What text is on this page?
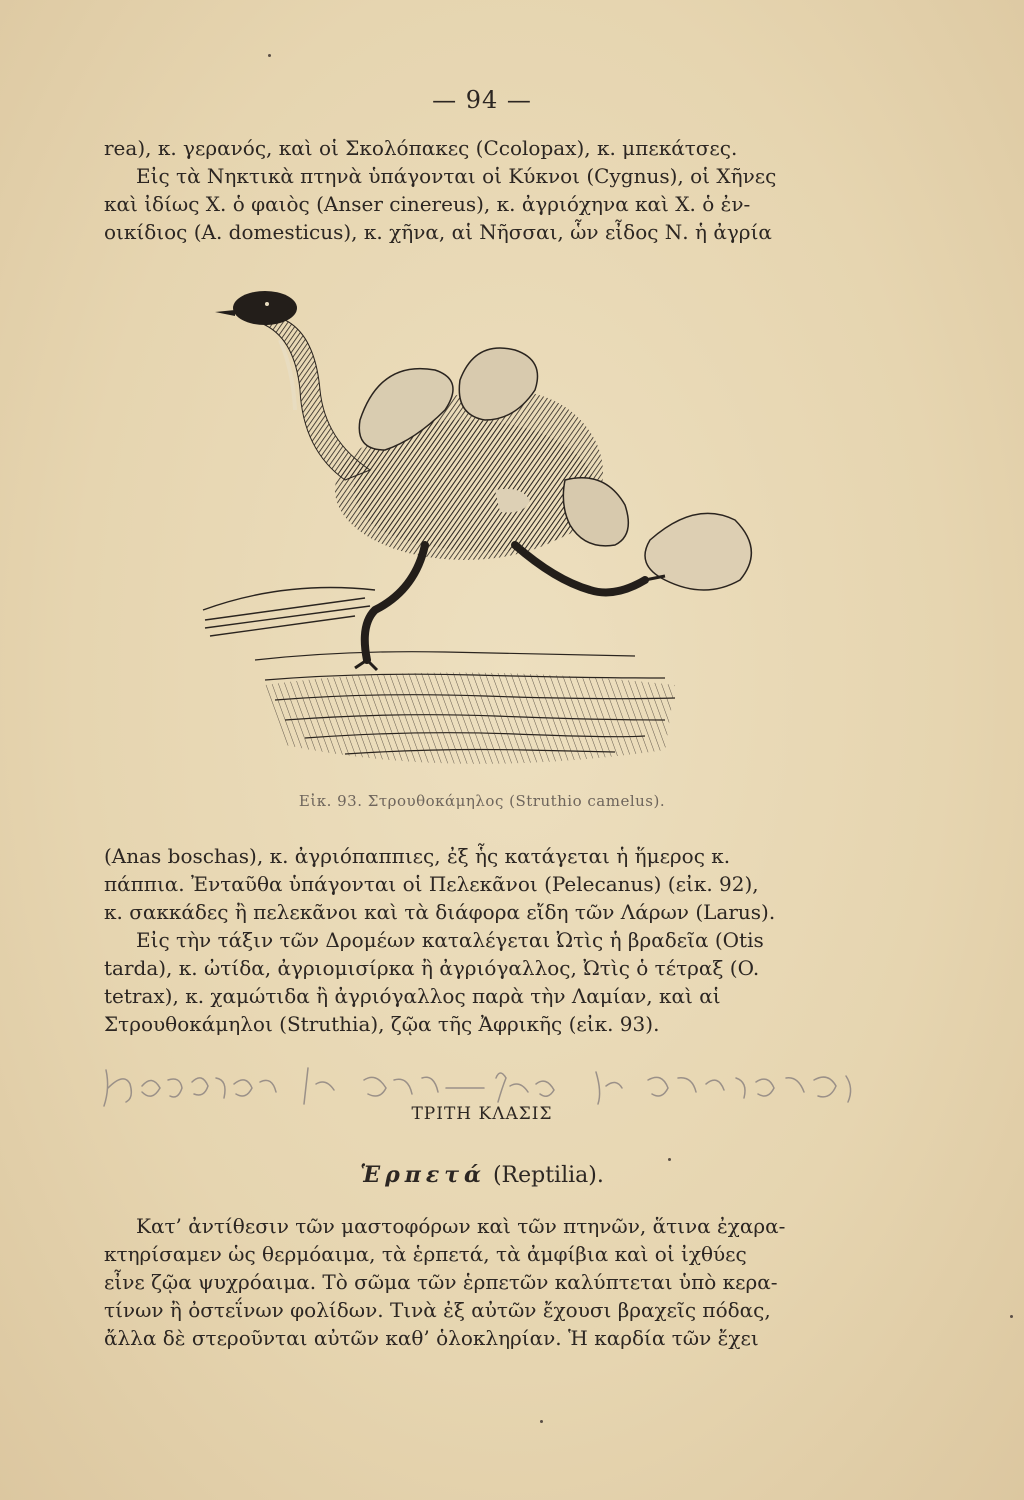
— 94 —

rea), κ. γερανός, καὶ οἱ Σκολόπακες (Ccolopax), κ. μπεκάτσες.

Εἰς τὰ Νηκτικὰ πτηνὰ ὑπάγονται οἱ Κύκνοι (Cygnus), οἱ Χῆνες

καὶ ἰδίως Χ. ὁ φαιὸς (Anser cinereus), κ. ἀγριόχηνα καὶ Χ. ὁ ἐν-

οικίδιος (A. domesticus), κ. χῆνα, αἱ Νῆσσαι, ὧν εἶδος Ν. ἡ ἀγρία

Εἰκ. 93. Στρουθοκάμηλος (Struthio camelus).

(Anas boschas), κ. ἀγριόπαππιες, ἐξ ἧς κατάγεται ἡ ἥμερος κ.

πάππια. Ἐνταῦθα ὑπάγονται οἱ Πελεκᾶνοι (Pelecanus) (εἰκ. 92),

κ. σακκάδες ἢ πελεκᾶνοι καὶ τὰ διάφορα εἴδη τῶν Λάρων (Larus).

Εἰς τὴν τάξιν τῶν Δρομέων καταλέγεται Ὠτὶς ἡ βραδεῖα (Otis

tarda), κ. ὠτίδα, ἀγριομισίρκα ἢ ἀγριόγαλλος, Ὠτὶς ὁ τέτραξ (O.

tetrax), κ. χαμώτιδα ἢ ἀγριόγαλλος παρὰ τὴν Λαμίαν, καὶ αἱ

Στρουθοκάμηλοι (Struthia), ζῷα τῆς Ἀφρικῆς (εἰκ. 93).

ΤΡΙΤΗ ΚΛΑΣΙΣ
Ἑρπετά (Reptilia).

Κατ’ ἀντίθεσιν τῶν μαστοφόρων καὶ τῶν πτηνῶν, ἅτινα ἐχαρα-

κτηρίσαμεν ὡς θερμόαιμα, τὰ ἑρπετά, τὰ ἀμφίβια καὶ οἱ ἰχθύες

εἶνε ζῷα ψυχρόαιμα. Τὸ σῶμα τῶν ἑρπετῶν καλύπτεται ὑπὸ κερα-

τίνων ἢ ὀστεΐνων φολίδων. Τινὰ ἐξ αὐτῶν ἔχουσι βραχεῖς πόδας,

ἄλλα δὲ στεροῦνται αὐτῶν καθ’ ὁλοκληρίαν. Ἡ καρδία τῶν ἔχει
